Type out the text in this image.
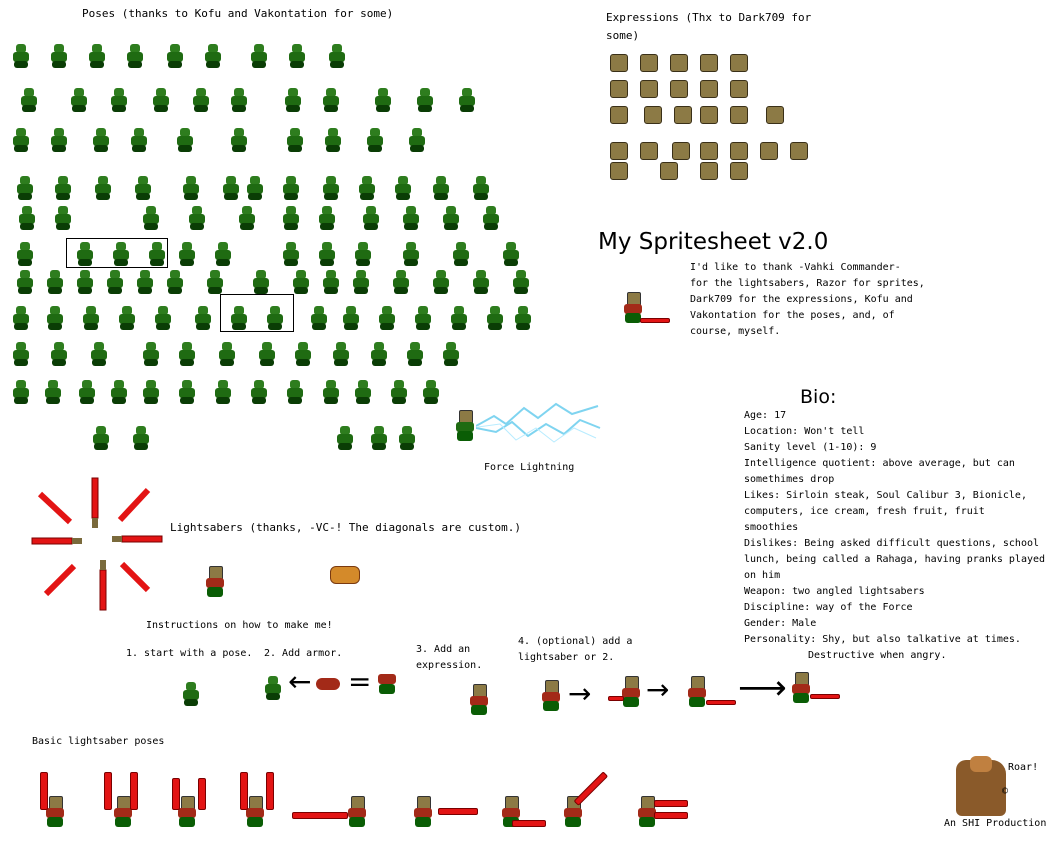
Poses (thanks to Kofu and Vakontation for some)	Expressions (Thx to Dark709 for
some)
My Spritesheet v2.0
I'd like to thank -Vahki Commander-
for the lightsabers, Razor for sprites,
Dark709 for the expressions, Kofu and
Vakontation for the poses, and, of
course, myself.
Bio:
Age: 17
Location: Won't tell
Sanity level (1-10): 9
Intelligence quotient: above average, but can
somethimes drop
Likes: Sirloin steak, Soul Calibur 3, Bionicle,
computers, ice cream, fresh fruit, fruit
smoothies
Dislikes: Being asked difficult questions, school
lunch, being called a Rahaga, having pranks played
on him
Weapon: two angled lightsabers
Discipline: way of the Force
Gender: Male
Personality: Shy, but also talkative at times.
Destructive when angry.
Force Lightning
Lightsabers (thanks, -VC-! The diagonals are custom.)
Instructions on how to make me!
1. start with a pose. 2. Add armor.	3. Add an
expression.
4. (optional) add a
lightsaber or 2.
← =	→ → ⟶
Basic lightsaber poses
Roar!
©
An SHI Production
